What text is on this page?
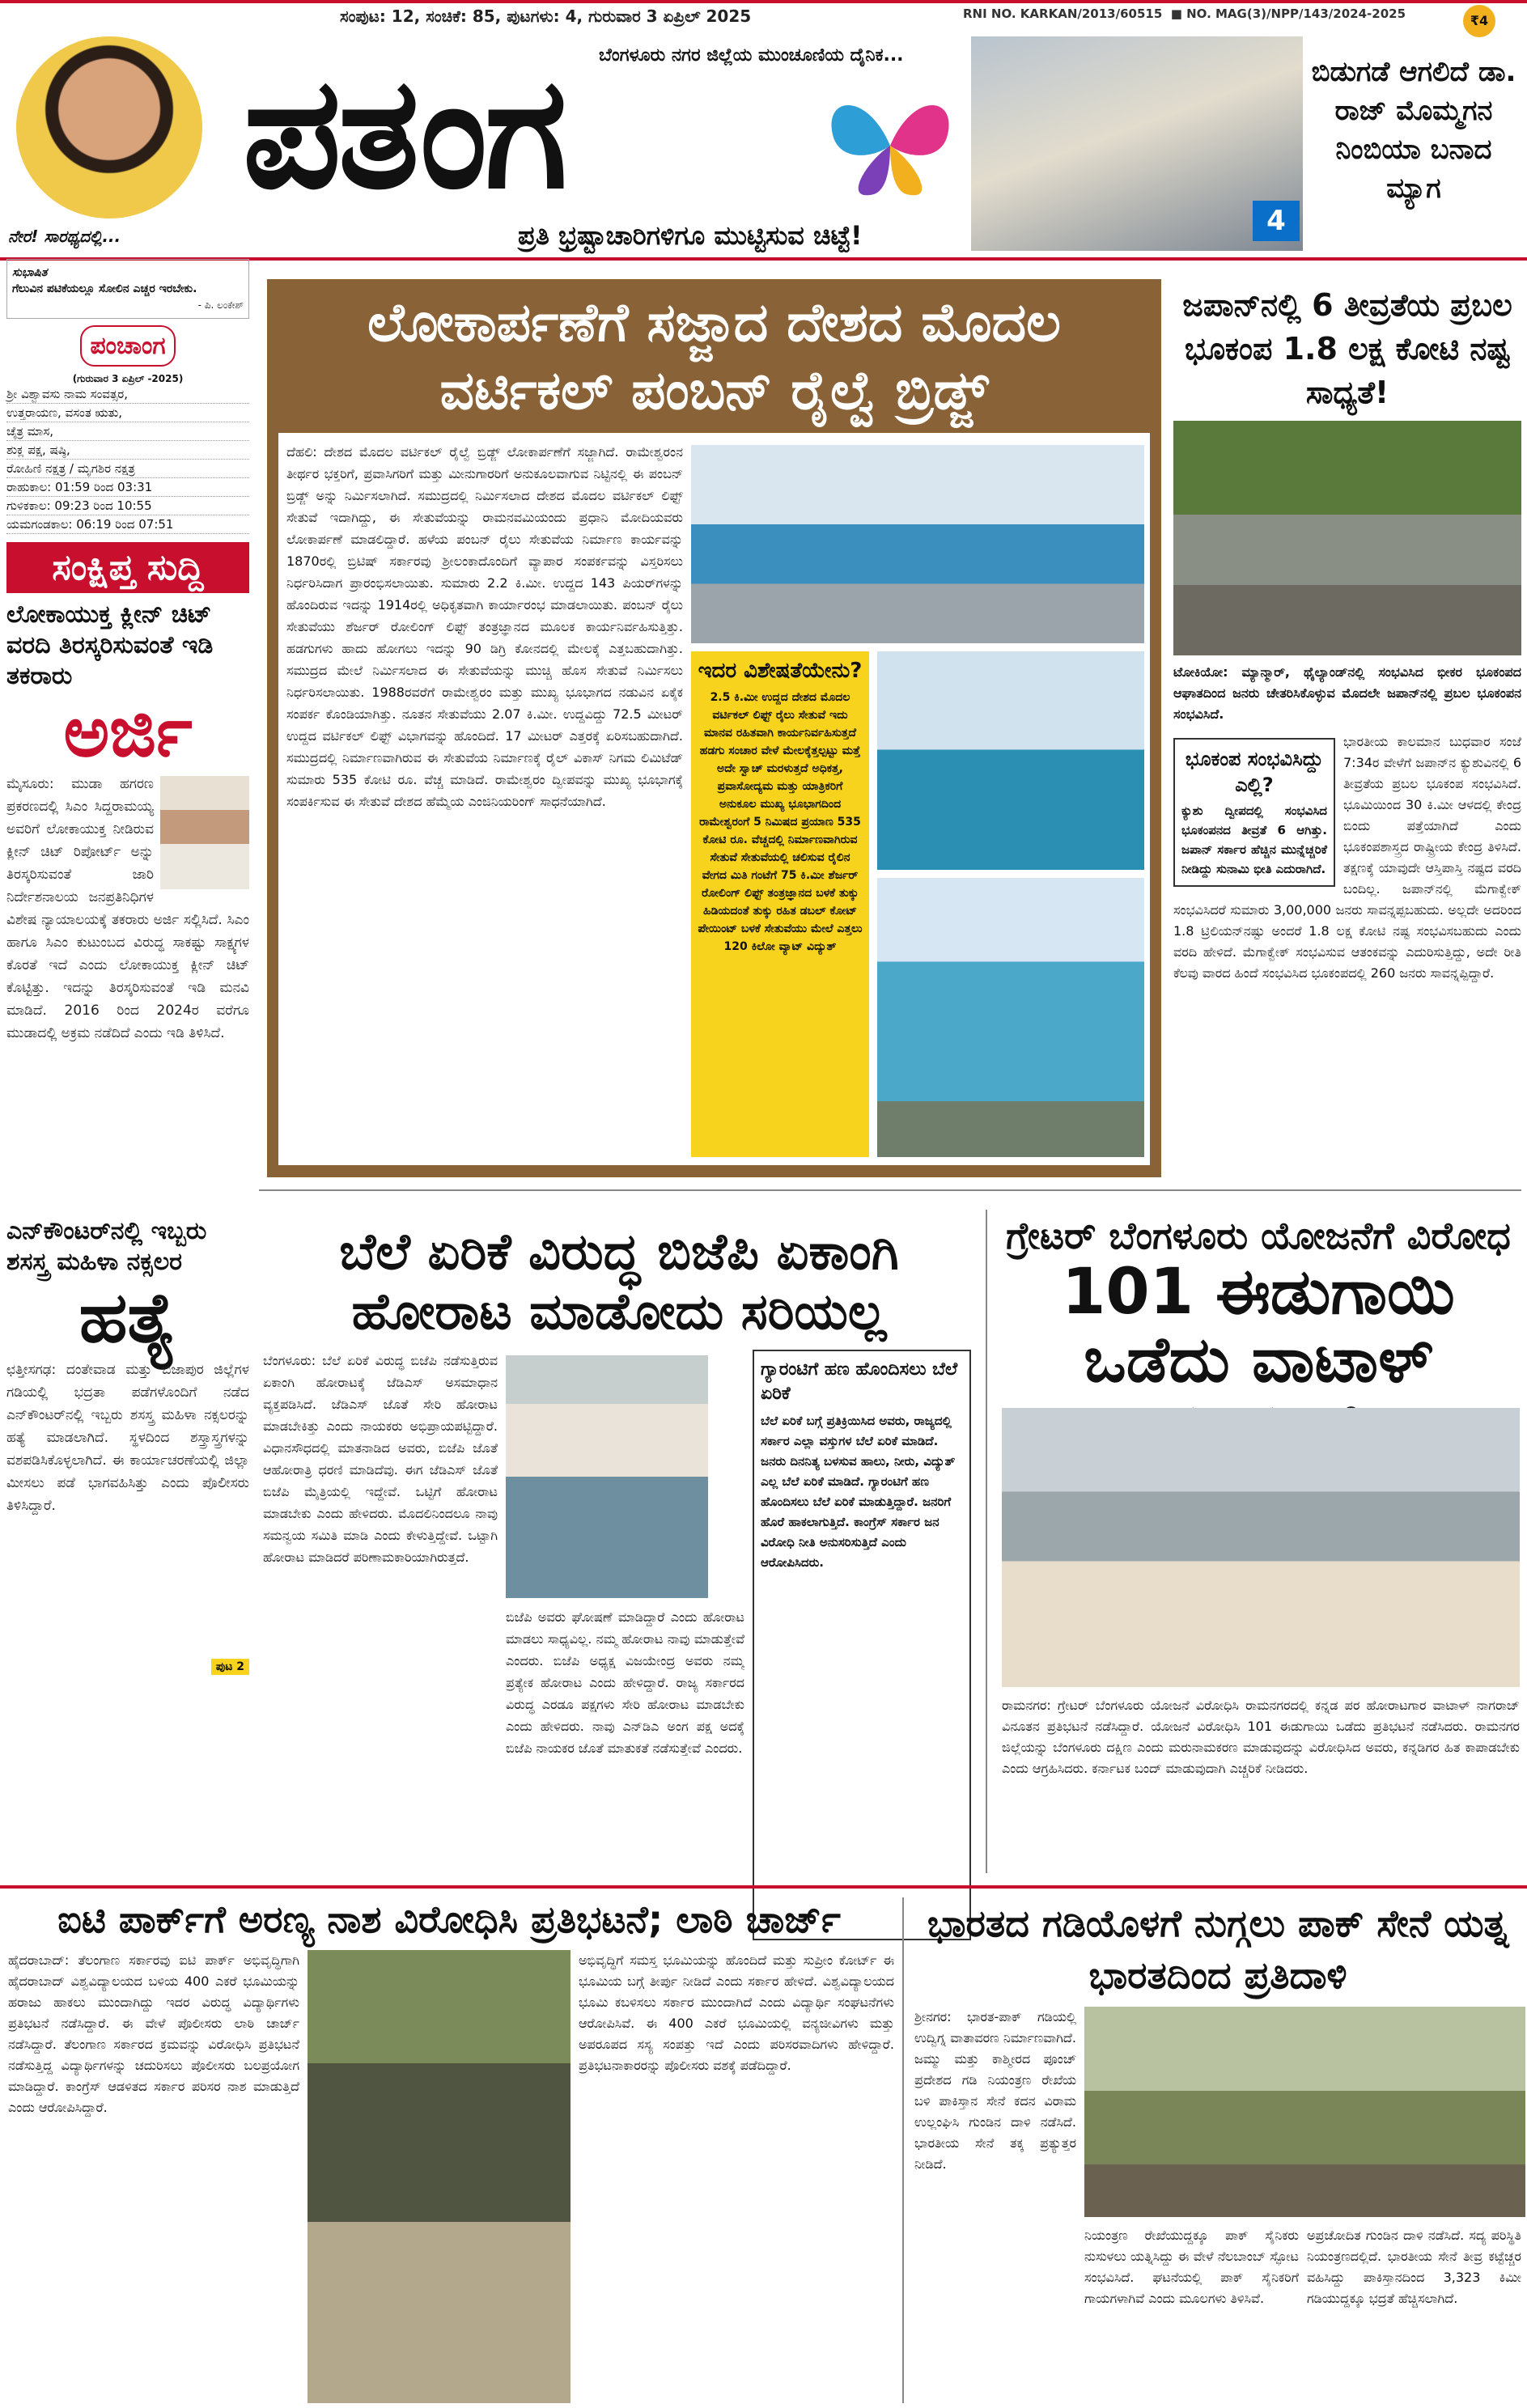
ಸಂಪುಟ: 12, ಸಂಚಿಕೆ: 85, ಪುಟಗಳು: 4, ಗುರುವಾರ 3 ಏಪ್ರಿಲ್ 2025	RNI NO. KARKAN/2013/60515  ■ NO. MAG(3)/NPP/143/2024-2025	₹4
ನೇರ! ಸಾರಥ್ಯದಲ್ಲಿ...
ಬೆಂಗಳೂರು ನಗರ ಜಿಲ್ಲೆಯ ಮುಂಚೂಣಿಯ ದೈನಿಕ...
ಪತಂಗ
ಪ್ರತಿ ಭ್ರಷ್ಟಾಚಾರಿಗಳಿಗೂ ಮುಟ್ಟಿಸುವ ಚಿಟ್ಟೆ!	4
ಬಿಡುಗಡೆ ಆಗಲಿದೆ ಡಾ. ರಾಜ್ ಮೊಮ್ಮಗನ ನಿಂಬಿಯಾ ಬನಾದ ಮ್ಯಾಗ
ಸುಭಾಷಿತ
ಗೆಲುವಿನ ಪಟಿಕೆಯಲ್ಲೂ ಸೋಲಿನ ಎಚ್ಚರ ಇರಬೇಕು.
- ಪಿ. ಲಂಕೇಶ್
ಪಂಚಾಂಗ
(ಗುರುವಾರ 3 ಏಪ್ರಿಲ್ -2025)
ಶ್ರೀ ವಿಶ್ವಾವಸು ನಾಮ ಸಂವತ್ಸರ,
ಉತ್ತರಾಯಣ, ವಸಂತ ಋತು,
ಚೈತ್ರ ಮಾಸ,
ಶುಕ್ಲ ಪಕ್ಷ, ಷಷ್ಠಿ,
ರೋಹಿಣಿ ನಕ್ಷತ್ರ / ಮೃಗಶಿರ ನಕ್ಷತ್ರ
ರಾಹುಕಾಲ: 01:59 ರಿಂದ 03:31
ಗುಳಿಕಕಾಲ: 09:23 ರಿಂದ 10:55
ಯಮಗಂಡಕಾಲ: 06:19 ರಿಂದ 07:51
ಸಂಕ್ಷಿಪ್ತ ಸುದ್ದಿ
ಲೋಕಾಯುಕ್ತ ಕ್ಲೀನ್ ಚಿಟ್ ವರದಿ ತಿರಸ್ಕರಿಸುವಂತೆ ಇಡಿ ತಕರಾರು
ಅರ್ಜಿ
ಮೈಸೂರು: ಮುಡಾ ಹಗರಣ ಪ್ರಕರಣದಲ್ಲಿ ಸಿಎಂ ಸಿದ್ದರಾಮಯ್ಯ ಅವರಿಗೆ ಲೋಕಾಯುಕ್ತ ನೀಡಿರುವ ಕ್ಲೀನ್ ಚಿಟ್ ರಿಪೋರ್ಟ್ ಅನ್ನು ತಿರಸ್ಕರಿಸುವಂತೆ ಜಾರಿ ನಿರ್ದೇಶನಾಲಯ ಜನಪ್ರತಿನಿಧಿಗಳ ವಿಶೇಷ ನ್ಯಾಯಾಲಯಕ್ಕೆ ತಕರಾರು ಅರ್ಜಿ ಸಲ್ಲಿಸಿದೆ. ಸಿಎಂ ಹಾಗೂ ಸಿಎಂ ಕುಟುಂಬದ ವಿರುದ್ಧ ಸಾಕಷ್ಟು ಸಾಕ್ಷ್ಯಗಳ ಕೊರತೆ ಇದೆ ಎಂದು ಲೋಕಾಯುಕ್ತ ಕ್ಲೀನ್ ಚಿಟ್ ಕೊಟ್ಟಿತ್ತು. ಇದನ್ನು ತಿರಸ್ಕರಿಸುವಂತೆ ಇಡಿ ಮನವಿ ಮಾಡಿದೆ. 2016 ರಿಂದ 2024ರ ವರೆಗೂ ಮುಡಾದಲ್ಲಿ ಅಕ್ರಮ ನಡೆದಿದೆ ಎಂದು ಇಡಿ ತಿಳಿಸಿದೆ.
ಎನ್‌ಕೌಂಟರ್‌ನಲ್ಲಿ ಇಬ್ಬರು ಶಸಸ್ತ್ರ ಮಹಿಳಾ ನಕ್ಸಲರ
ಹತ್ಯೆ
ಛತ್ತೀಸಗಢ: ದಂತೇವಾಡ ಮತ್ತು ಬಿಜಾಪುರ ಜಿಲ್ಲೆಗಳ ಗಡಿಯಲ್ಲಿ ಭದ್ರತಾ ಪಡೆಗಳೊಂದಿಗೆ ನಡೆದ ಎನ್‌ಕೌಂಟರ್‌ನಲ್ಲಿ ಇಬ್ಬರು ಶಸಸ್ತ್ರ ಮಹಿಳಾ ನಕ್ಸಲರನ್ನು ಹತ್ಯೆ ಮಾಡಲಾಗಿದೆ. ಸ್ಥಳದಿಂದ ಶಸ್ತ್ರಾಸ್ತ್ರಗಳನ್ನು ವಶಪಡಿಸಿಕೊಳ್ಳಲಾಗಿದೆ. ಈ ಕಾರ್ಯಾಚರಣೆಯಲ್ಲಿ ಜಿಲ್ಲಾ ಮೀಸಲು ಪಡೆ ಭಾಗವಹಿಸಿತ್ತು ಎಂದು ಪೊಲೀಸರು ತಿಳಿಸಿದ್ದಾರೆ.
ಪುಟ 2
ಲೋಕಾರ್ಪಣೆಗೆ ಸಜ್ಜಾದ ದೇಶದ ಮೊದಲ ವರ್ಟಿಕಲ್ ಪಂಬನ್ ರೈಲ್ವೆ ಬ್ರಿಡ್ಜ್
ದೆಹಲಿ: ದೇಶದ ಮೊದಲ ವರ್ಟಿಕಲ್ ರೈಲ್ವೆ ಬ್ರಿಡ್ಜ್ ಲೋಕಾರ್ಪಣೆಗೆ ಸಜ್ಜಾಗಿದೆ. ರಾಮೇಶ್ವರಂನ ತೀರ್ಥರ ಭಕ್ತರಿಗೆ, ಪ್ರವಾಸಿಗರಿಗೆ ಮತ್ತು ಮೀನುಗಾರರಿಗೆ ಅನುಕೂಲವಾಗುವ ನಿಟ್ಟಿನಲ್ಲಿ ಈ ಪಂಬನ್ ಬ್ರಿಡ್ಜ್ ಅನ್ನು ನಿರ್ಮಿಸಲಾಗಿದೆ. ಸಮುದ್ರದಲ್ಲಿ ನಿರ್ಮಿಸಲಾದ ದೇಶದ ಮೊದಲ ವರ್ಟಿಕಲ್ ಲಿಫ್ಟ್ ಸೇತುವೆ ಇದಾಗಿದ್ದು, ಈ ಸೇತುವೆಯನ್ನು ರಾಮನವಮಿಯಂದು ಪ್ರಧಾನಿ ಮೋದಿಯವರು ಲೋಕಾರ್ಪಣೆ ಮಾಡಲಿದ್ದಾರೆ. ಹಳೆಯ ಪಂಬನ್ ರೈಲು ಸೇತುವೆಯ ನಿರ್ಮಾಣ ಕಾರ್ಯವನ್ನು 1870ರಲ್ಲಿ ಬ್ರಿಟಿಷ್ ಸರ್ಕಾರವು ಶ್ರೀಲಂಕಾದೊಂದಿಗೆ ವ್ಯಾಪಾರ ಸಂಪರ್ಕವನ್ನು ವಿಸ್ತರಿಸಲು ನಿರ್ಧರಿಸಿದಾಗ ಪ್ರಾರಂಭಿಸಲಾಯಿತು. ಸುಮಾರು 2.2 ಕಿ.ಮೀ. ಉದ್ದದ 143 ಪಿಯರ್‌ಗಳನ್ನು ಹೊಂದಿರುವ ಇದನ್ನು 1914ರಲ್ಲಿ ಅಧಿಕೃತವಾಗಿ ಕಾರ್ಯಾರಂಭ ಮಾಡಲಾಯಿತು. ಪಂಬನ್ ರೈಲು ಸೇತುವೆಯು ಶೆರ್ಜರ್ ರೋಲಿಂಗ್ ಲಿಫ್ಟ್ ತಂತ್ರಜ್ಞಾನದ ಮೂಲಕ ಕಾರ್ಯನಿರ್ವಹಿಸುತ್ತಿತ್ತು. ಹಡಗುಗಳು ಹಾದು ಹೋಗಲು ಇದನ್ನು 90 ಡಿಗ್ರಿ ಕೋನದಲ್ಲಿ ಮೇಲಕ್ಕೆ ಎತ್ತಬಹುದಾಗಿತ್ತು. ಸಮುದ್ರದ ಮೇಲೆ ನಿರ್ಮಿಸಲಾದ ಈ ಸೇತುವೆಯನ್ನು ಮುಚ್ಚಿ ಹೊಸ ಸೇತುವೆ ನಿರ್ಮಿಸಲು ನಿರ್ಧರಿಸಲಾಯಿತು. 1988ರವರೆಗೆ ರಾಮೇಶ್ವರಂ ಮತ್ತು ಮುಖ್ಯ ಭೂಭಾಗದ ನಡುವಿನ ಏಕೈಕ ಸಂಪರ್ಕ ಕೊಂಡಿಯಾಗಿತ್ತು. ನೂತನ ಸೇತುವೆಯು 2.07 ಕಿ.ಮೀ. ಉದ್ದವಿದ್ದು 72.5 ಮೀಟರ್ ಉದ್ದದ ವರ್ಟಿಕಲ್ ಲಿಫ್ಟ್ ವಿಭಾಗವನ್ನು ಹೊಂದಿದೆ. 17 ಮೀಟರ್ ಎತ್ತರಕ್ಕೆ ಏರಿಸಬಹುದಾಗಿದೆ. ಸಮುದ್ರದಲ್ಲಿ ನಿರ್ಮಾಣವಾಗಿರುವ ಈ ಸೇತುವೆಯ ನಿರ್ಮಾಣಕ್ಕೆ ರೈಲ್ ವಿಕಾಸ್ ನಿಗಮ ಲಿಮಿಟೆಡ್ ಸುಮಾರು 535 ಕೋಟಿ ರೂ. ವೆಚ್ಚ ಮಾಡಿದೆ. ರಾಮೇಶ್ವರಂ ದ್ವೀಪವನ್ನು ಮುಖ್ಯ ಭೂಭಾಗಕ್ಕೆ ಸಂಪರ್ಕಿಸುವ ಈ ಸೇತುವೆ ದೇಶದ ಹೆಮ್ಮೆಯ ಎಂಜಿನಿಯರಿಂಗ್ ಸಾಧನೆಯಾಗಿದೆ.
ಇದರ ವಿಶೇಷತೆಯೇನು?
2.5 ಕಿ.ಮೀ ಉದ್ದದ ದೇಶದ ಮೊದಲ ವರ್ಟಿಕಲ್ ಲಿಫ್ಟ್ ರೈಲು ಸೇತುವೆ ಇದು ಮಾನವ ರಹಿತವಾಗಿ ಕಾರ್ಯನಿರ್ವಹಿಸುತ್ತದೆ ಹಡಗು ಸಂಚಾರ ವೇಳೆ ಮೇಲಕ್ಕೆತ್ತಲ್ಪಟ್ಟು ಮತ್ತೆ ಅದೇ ಸ್ವಾಚ್ ಮರಳುತ್ತದೆ ಅಧಿಕತ್ತ, ಪ್ರವಾಸೋದ್ಯಮ ಮತ್ತು ಯಾತ್ರಿಕರಿಗೆ ಅನುಕೂಲ ಮುಖ್ಯ ಭೂಭಾಗದಿಂದ ರಾಮೇಶ್ವರಂಗೆ 5 ನಿಮಿಷದ ಪ್ರಯಾಣ 535 ಕೋಟಿ ರೂ. ವೆಚ್ಚದಲ್ಲಿ ನಿರ್ಮಾಣವಾಗಿರುವ ಸೇತುವೆ ಸೇತುವೆಯಲ್ಲಿ ಚಲಿಸುವ ರೈಲಿನ ವೇಗದ ಮಿತಿ ಗಂಟೆಗೆ 75 ಕಿ.ಮೀ ಶೆರ್ಜರ್ ರೋಲಿಂಗ್ ಲಿಫ್ಟ್ ತಂತ್ರಜ್ಞಾನದ ಬಳಕೆ ತುಕ್ಕು ಹಿಡಿಯದಂತೆ ತುಕ್ಕು ರಹಿತ ಡಬಲ್ ಕೋಟ್ ಪೇಯಿಂಟ್ ಬಳಕೆ ಸೇತುವೆಯು ಮೇಲೆ ಎತ್ತಲು 120 ಕಿಲೋ ವ್ಯಾಟ್ ವಿದ್ಯುತ್
ಜಪಾನ್‌ನಲ್ಲಿ 6 ತೀವ್ರತೆಯ ಪ್ರಬಲ ಭೂಕಂಪ 1.8 ಲಕ್ಷ ಕೋಟಿ ನಷ್ಟ ಸಾಧ್ಯತೆ!
ಟೋಕಿಯೋ: ಮ್ಯಾನ್ಮಾರ್, ಥೈಲ್ಯಾಂಡ್‌ನಲ್ಲಿ ಸಂಭವಿಸಿದ ಭೀಕರ ಭೂಕಂಪದ ಆಘಾತದಿಂದ ಜನರು ಚೇತರಿಸಿಕೊಳ್ಳುವ ಮೊದಲೇ ಜಪಾನ್‌ನಲ್ಲಿ ಪ್ರಬಲ ಭೂಕಂಪನ ಸಂಭವಿಸಿದೆ.
ಭೂಕಂಪ ಸಂಭವಿಸಿದ್ದು ಎಲ್ಲಿ?
ಕ್ಯುಶು ದ್ವೀಪದಲ್ಲಿ ಸಂಭವಿಸಿದ ಭೂಕಂಪನದ ತೀವ್ರತೆ 6 ಆಗಿತ್ತು. ಜಪಾನ್ ಸರ್ಕಾರ ಹೆಚ್ಚಿನ ಮುನ್ನೆಚ್ಚರಿಕೆ ನೀಡಿದ್ದು ಸುನಾಮಿ ಭೀತಿ ಎದುರಾಗಿದೆ.
ಭಾರತೀಯ ಕಾಲಮಾನ ಬುಧವಾರ ಸಂಜೆ 7:34ರ ವೇಳೆಗೆ ಜಪಾನ್‌ನ ಕ್ಯುಶುವಿನಲ್ಲಿ 6 ತೀವ್ರತೆಯ ಪ್ರಬಲ ಭೂಕಂಪ ಸಂಭವಿಸಿದೆ. ಭೂಮಿಯಿಂದ 30 ಕಿ.ಮೀ ಆಳದಲ್ಲಿ ಕೇಂದ್ರ ಬಿಂದು ಪತ್ತೆಯಾಗಿದೆ ಎಂದು ಭೂಕಂಪಶಾಸ್ತ್ರದ ರಾಷ್ಟ್ರೀಯ ಕೇಂದ್ರ ತಿಳಿಸಿದೆ. ತಕ್ಷಣಕ್ಕೆ ಯಾವುದೇ ಆಸ್ತಿಪಾಸ್ತಿ ನಷ್ಟದ ವರದಿ ಬಂದಿಲ್ಲ. ಜಪಾನ್‌ನಲ್ಲಿ ಮೆಗಾಕ್ವೇಕ್ ಸಂಭವಿಸಿದರೆ ಸುಮಾರು 3,00,000 ಜನರು ಸಾವನ್ನಪ್ಪಬಹುದು. ಅಲ್ಲದೇ ಅದರಿಂದ 1.8 ಟ್ರಿಲಿಯನ್‌ನಷ್ಟು ಅಂದರೆ 1.8 ಲಕ್ಷ ಕೋಟಿ ನಷ್ಟ ಸಂಭವಿಸಬಹುದು ಎಂದು ವರದಿ ಹೇಳಿದೆ. ಮೆಗಾಕ್ವೇಕ್ ಸಂಭವಿಸುವ ಆತಂಕವನ್ನು ಎದುರಿಸುತ್ತಿದ್ದು, ಅದೇ ರೀತಿ ಕೆಲವು ವಾರದ ಹಿಂದೆ ಸಂಭವಿಸಿದ ಭೂಕಂಪದಲ್ಲಿ 260 ಜನರು ಸಾವನ್ನಪ್ಪಿದ್ದಾರೆ.
ಬೆಲೆ ಏರಿಕೆ ವಿರುದ್ಧ ಬಿಜೆಪಿ ಏಕಾಂಗಿ ಹೋರಾಟ ಮಾಡೋದು ಸರಿಯಲ್ಲ
ಬೆಂಗಳೂರು: ಬೆಲೆ ಏರಿಕೆ ವಿರುದ್ಧ ಬಿಜೆಪಿ ನಡೆಸುತ್ತಿರುವ ಏಕಾಂಗಿ ಹೋರಾಟಕ್ಕೆ ಜೆಡಿಎಸ್ ಅಸಮಾಧಾನ ವ್ಯಕ್ತಪಡಿಸಿದೆ. ಜೆಡಿಎಸ್ ಜೊತೆ ಸೇರಿ ಹೋರಾಟ ಮಾಡಬೇಕಿತ್ತು ಎಂದು ನಾಯಕರು ಅಭಿಪ್ರಾಯಪಟ್ಟಿದ್ದಾರೆ. ವಿಧಾನಸೌಧದಲ್ಲಿ ಮಾತನಾಡಿದ ಅವರು, ಬಿಜೆಪಿ ಜೊತೆ ಆಹೋರಾತ್ರಿ ಧರಣಿ ಮಾಡಿದೆವು. ಈಗ ಜೆಡಿಎಸ್ ಜೊತೆ ಬಿಜೆಪಿ ಮೈತ್ರಿಯಲ್ಲಿ ಇದ್ದೇವೆ. ಒಟ್ಟಿಗೆ ಹೋರಾಟ ಮಾಡಬೇಕು ಎಂದು ಹೇಳಿದರು. ಮೊದಲಿನಿಂದಲೂ ನಾವು ಸಮನ್ವಯ ಸಮಿತಿ ಮಾಡಿ ಎಂದು ಕೇಳುತ್ತಿದ್ದೇವೆ. ಒಟ್ಟಾಗಿ ಹೋರಾಟ ಮಾಡಿದರೆ ಪರಿಣಾಮಕಾರಿಯಾಗಿರುತ್ತದೆ.
ಬಿಜೆಪಿ ಅವರು ಘೋಷಣೆ ಮಾಡಿದ್ದಾರೆ ಎಂದು ಹೋರಾಟ ಮಾಡಲು ಸಾಧ್ಯವಿಲ್ಲ. ನಮ್ಮ ಹೋರಾಟ ನಾವು ಮಾಡುತ್ತೇವೆ ಎಂದರು. ಬಿಜೆಪಿ ಅಧ್ಯಕ್ಷ ವಿಜಯೇಂದ್ರ ಅವರು ನಮ್ಮ ಪ್ರತ್ಯೇಕ ಹೋರಾಟ ಎಂದು ಹೇಳಿದ್ದಾರೆ. ರಾಜ್ಯ ಸರ್ಕಾರದ ವಿರುದ್ಧ ಎರಡೂ ಪಕ್ಷಗಳು ಸೇರಿ ಹೋರಾಟ ಮಾಡಬೇಕು ಎಂದು ಹೇಳಿದರು. ನಾವು ಎನ್‌ಡಿಎ ಅಂಗ ಪಕ್ಷ ಅದಕ್ಕೆ ಬಿಜೆಪಿ ನಾಯಕರ ಜೊತೆ ಮಾತುಕತೆ ನಡೆಸುತ್ತೇವೆ ಎಂದರು.
ಗ್ಯಾರಂಟಿಗೆ ಹಣ ಹೊಂದಿಸಲು ಬೆಲೆ ಏರಿಕೆ
ಬೆಲೆ ಏರಿಕೆ ಬಗ್ಗೆ ಪ್ರತಿಕ್ರಿಯಿಸಿದ ಅವರು, ರಾಜ್ಯದಲ್ಲಿ ಸರ್ಕಾರ ಎಲ್ಲಾ ವಸ್ತುಗಳ ಬೆಲೆ ಏರಿಕೆ ಮಾಡಿದೆ. ಜನರು ದಿನನಿತ್ಯ ಬಳಸುವ ಹಾಲು, ನೀರು, ವಿದ್ಯುತ್ ಎಲ್ಲ ಬೆಲೆ ಏರಿಕೆ ಮಾಡಿದೆ. ಗ್ಯಾರಂಟಿಗೆ ಹಣ ಹೊಂದಿಸಲು ಬೆಲೆ ಏರಿಕೆ ಮಾಡುತ್ತಿದ್ದಾರೆ. ಜನರಿಗೆ ಹೊರೆ ಹಾಕಲಾಗುತ್ತಿದೆ. ಕಾಂಗ್ರೆಸ್ ಸರ್ಕಾರ ಜನ ವಿರೋಧಿ ನೀತಿ ಅನುಸರಿಸುತ್ತಿದೆ ಎಂದು ಆರೋಪಿಸಿದರು.
ಗ್ರೇಟರ್ ಬೆಂಗಳೂರು ಯೋಜನೆಗೆ ವಿರೋಧ
101 ಈಡುಗಾಯಿ ಒಡೆದು ವಾಟಾಳ್
ರಾಮನಗರ: ಗ್ರೇಟರ್ ಬೆಂಗಳೂರು ಯೋಜನೆ ವಿರೋಧಿಸಿ ರಾಮನಗರದಲ್ಲಿ ಕನ್ನಡ ಪರ ಹೋರಾಟಗಾರ ವಾಟಾಳ್ ನಾಗರಾಜ್ ವಿನೂತನ ಪ್ರತಿಭಟನೆ ನಡೆಸಿದ್ದಾರೆ. ಯೋಜನೆ ವಿರೋಧಿಸಿ 101 ಈಡುಗಾಯಿ ಒಡೆದು ಪ್ರತಿಭಟನೆ ನಡೆಸಿದರು. ರಾಮನಗರ ಜಿಲ್ಲೆಯನ್ನು ಬೆಂಗಳೂರು ದಕ್ಷಿಣ ಎಂದು ಮರುನಾಮಕರಣ ಮಾಡುವುದನ್ನು ವಿರೋಧಿಸಿದ ಅವರು, ಕನ್ನಡಿಗರ ಹಿತ ಕಾಪಾಡಬೇಕು ಎಂದು ಆಗ್ರಹಿಸಿದರು. ಕರ್ನಾಟಕ ಬಂದ್ ಮಾಡುವುದಾಗಿ ಎಚ್ಚರಿಕೆ ನೀಡಿದರು.
ಐಟಿ ಪಾರ್ಕ್‌ಗೆ ಅರಣ್ಯ ನಾಶ ವಿರೋಧಿಸಿ ಪ್ರತಿಭಟನೆ; ಲಾಠಿ ಚಾರ್ಜ್
ಹೈದರಾಬಾದ್: ತೆಲಂಗಾಣ ಸರ್ಕಾರವು ಐಟಿ ಪಾರ್ಕ್ ಅಭಿವೃದ್ಧಿಗಾಗಿ ಹೈದರಾಬಾದ್ ವಿಶ್ವವಿದ್ಯಾಲಯದ ಬಳಿಯ 400 ಎಕರೆ ಭೂಮಿಯನ್ನು ಹರಾಜು ಹಾಕಲು ಮುಂದಾಗಿದ್ದು ಇದರ ವಿರುದ್ಧ ವಿದ್ಯಾರ್ಥಿಗಳು ಪ್ರತಿಭಟನೆ ನಡೆಸಿದ್ದಾರೆ. ಈ ವೇಳೆ ಪೊಲೀಸರು ಲಾಠಿ ಚಾರ್ಜ್ ನಡೆಸಿದ್ದಾರೆ. ತೆಲಂಗಾಣ ಸರ್ಕಾರದ ಕ್ರಮವನ್ನು ವಿರೋಧಿಸಿ ಪ್ರತಿಭಟನೆ ನಡೆಸುತ್ತಿದ್ದ ವಿದ್ಯಾರ್ಥಿಗಳನ್ನು ಚದುರಿಸಲು ಪೊಲೀಸರು ಬಲಪ್ರಯೋಗ ಮಾಡಿದ್ದಾರೆ. ಕಾಂಗ್ರೆಸ್ ಆಡಳಿತದ ಸರ್ಕಾರ ಪರಿಸರ ನಾಶ ಮಾಡುತ್ತಿದೆ ಎಂದು ಆರೋಪಿಸಿದ್ದಾರೆ.
ಅಭಿವೃದ್ಧಿಗೆ ಸಮಸ್ತ ಭೂಮಿಯನ್ನು ಹೊಂದಿದೆ ಮತ್ತು ಸುಪ್ರೀಂ ಕೋರ್ಟ್ ಈ ಭೂಮಿಯ ಬಗ್ಗೆ ತೀರ್ಪು ನೀಡಿದೆ ಎಂದು ಸರ್ಕಾರ ಹೇಳಿದೆ. ವಿಶ್ವವಿದ್ಯಾಲಯದ ಭೂಮಿ ಕಬಳಿಸಲು ಸರ್ಕಾರ ಮುಂದಾಗಿದೆ ಎಂದು ವಿದ್ಯಾರ್ಥಿ ಸಂಘಟನೆಗಳು ಆರೋಪಿಸಿವೆ. ಈ 400 ಎಕರೆ ಭೂಮಿಯಲ್ಲಿ ವನ್ಯಜೀವಿಗಳು ಮತ್ತು ಅಪರೂಪದ ಸಸ್ಯ ಸಂಪತ್ತು ಇದೆ ಎಂದು ಪರಿಸರವಾದಿಗಳು ಹೇಳಿದ್ದಾರೆ. ಪ್ರತಿಭಟನಾಕಾರರನ್ನು ಪೊಲೀಸರು ವಶಕ್ಕೆ ಪಡೆದಿದ್ದಾರೆ.
ಭಾರತದ ಗಡಿಯೊಳಗೆ ನುಗ್ಗಲು ಪಾಕ್ ಸೇನೆ ಯತ್ನ ಭಾರತದಿಂದ ಪ್ರತಿದಾಳಿ
ಶ್ರೀನಗರ: ಭಾರತ-ಪಾಕ್ ಗಡಿಯಲ್ಲಿ ಉದ್ವಿಗ್ನ ವಾತಾವರಣ ನಿರ್ಮಾಣವಾಗಿದೆ. ಜಮ್ಮು ಮತ್ತು ಕಾಶ್ಮೀರದ ಪೂಂಚ್ ಪ್ರದೇಶದ ಗಡಿ ನಿಯಂತ್ರಣ ರೇಖೆಯ ಬಳಿ ಪಾಕಿಸ್ತಾನ ಸೇನೆ ಕದನ ವಿರಾಮ ಉಲ್ಲಂಘಿಸಿ ಗುಂಡಿನ ದಾಳಿ ನಡೆಸಿದೆ. ಭಾರತೀಯ ಸೇನೆ ತಕ್ಕ ಪ್ರತ್ಯುತ್ತರ ನೀಡಿದೆ.
ನಿಯಂತ್ರಣ ರೇಖೆಯುದ್ದಕ್ಕೂ ಪಾಕ್ ಸೈನಿಕರು ನುಸುಳಲು ಯತ್ನಿಸಿದ್ದು ಈ ವೇಳೆ ನೆಲಬಾಂಬ್ ಸ್ಫೋಟ ಸಂಭವಿಸಿದೆ. ಘಟನೆಯಲ್ಲಿ ಪಾಕ್ ಸೈನಿಕರಿಗೆ ಗಾಯಗಳಾಗಿವೆ ಎಂದು ಮೂಲಗಳು ತಿಳಿಸಿವೆ.
ಅಪ್ರಚೋದಿತ ಗುಂಡಿನ ದಾಳಿ ನಡೆಸಿದೆ. ಸದ್ಯ ಪರಿಸ್ಥಿತಿ ನಿಯಂತ್ರಣದಲ್ಲಿದೆ. ಭಾರತೀಯ ಸೇನೆ ತೀವ್ರ ಕಟ್ಟೆಚ್ಚರ ವಹಿಸಿದ್ದು ಪಾಕಿಸ್ತಾನದಿಂದ 3,323 ಕಿಮೀ ಗಡಿಯುದ್ದಕ್ಕೂ ಭದ್ರತೆ ಹೆಚ್ಚಿಸಲಾಗಿದೆ.
